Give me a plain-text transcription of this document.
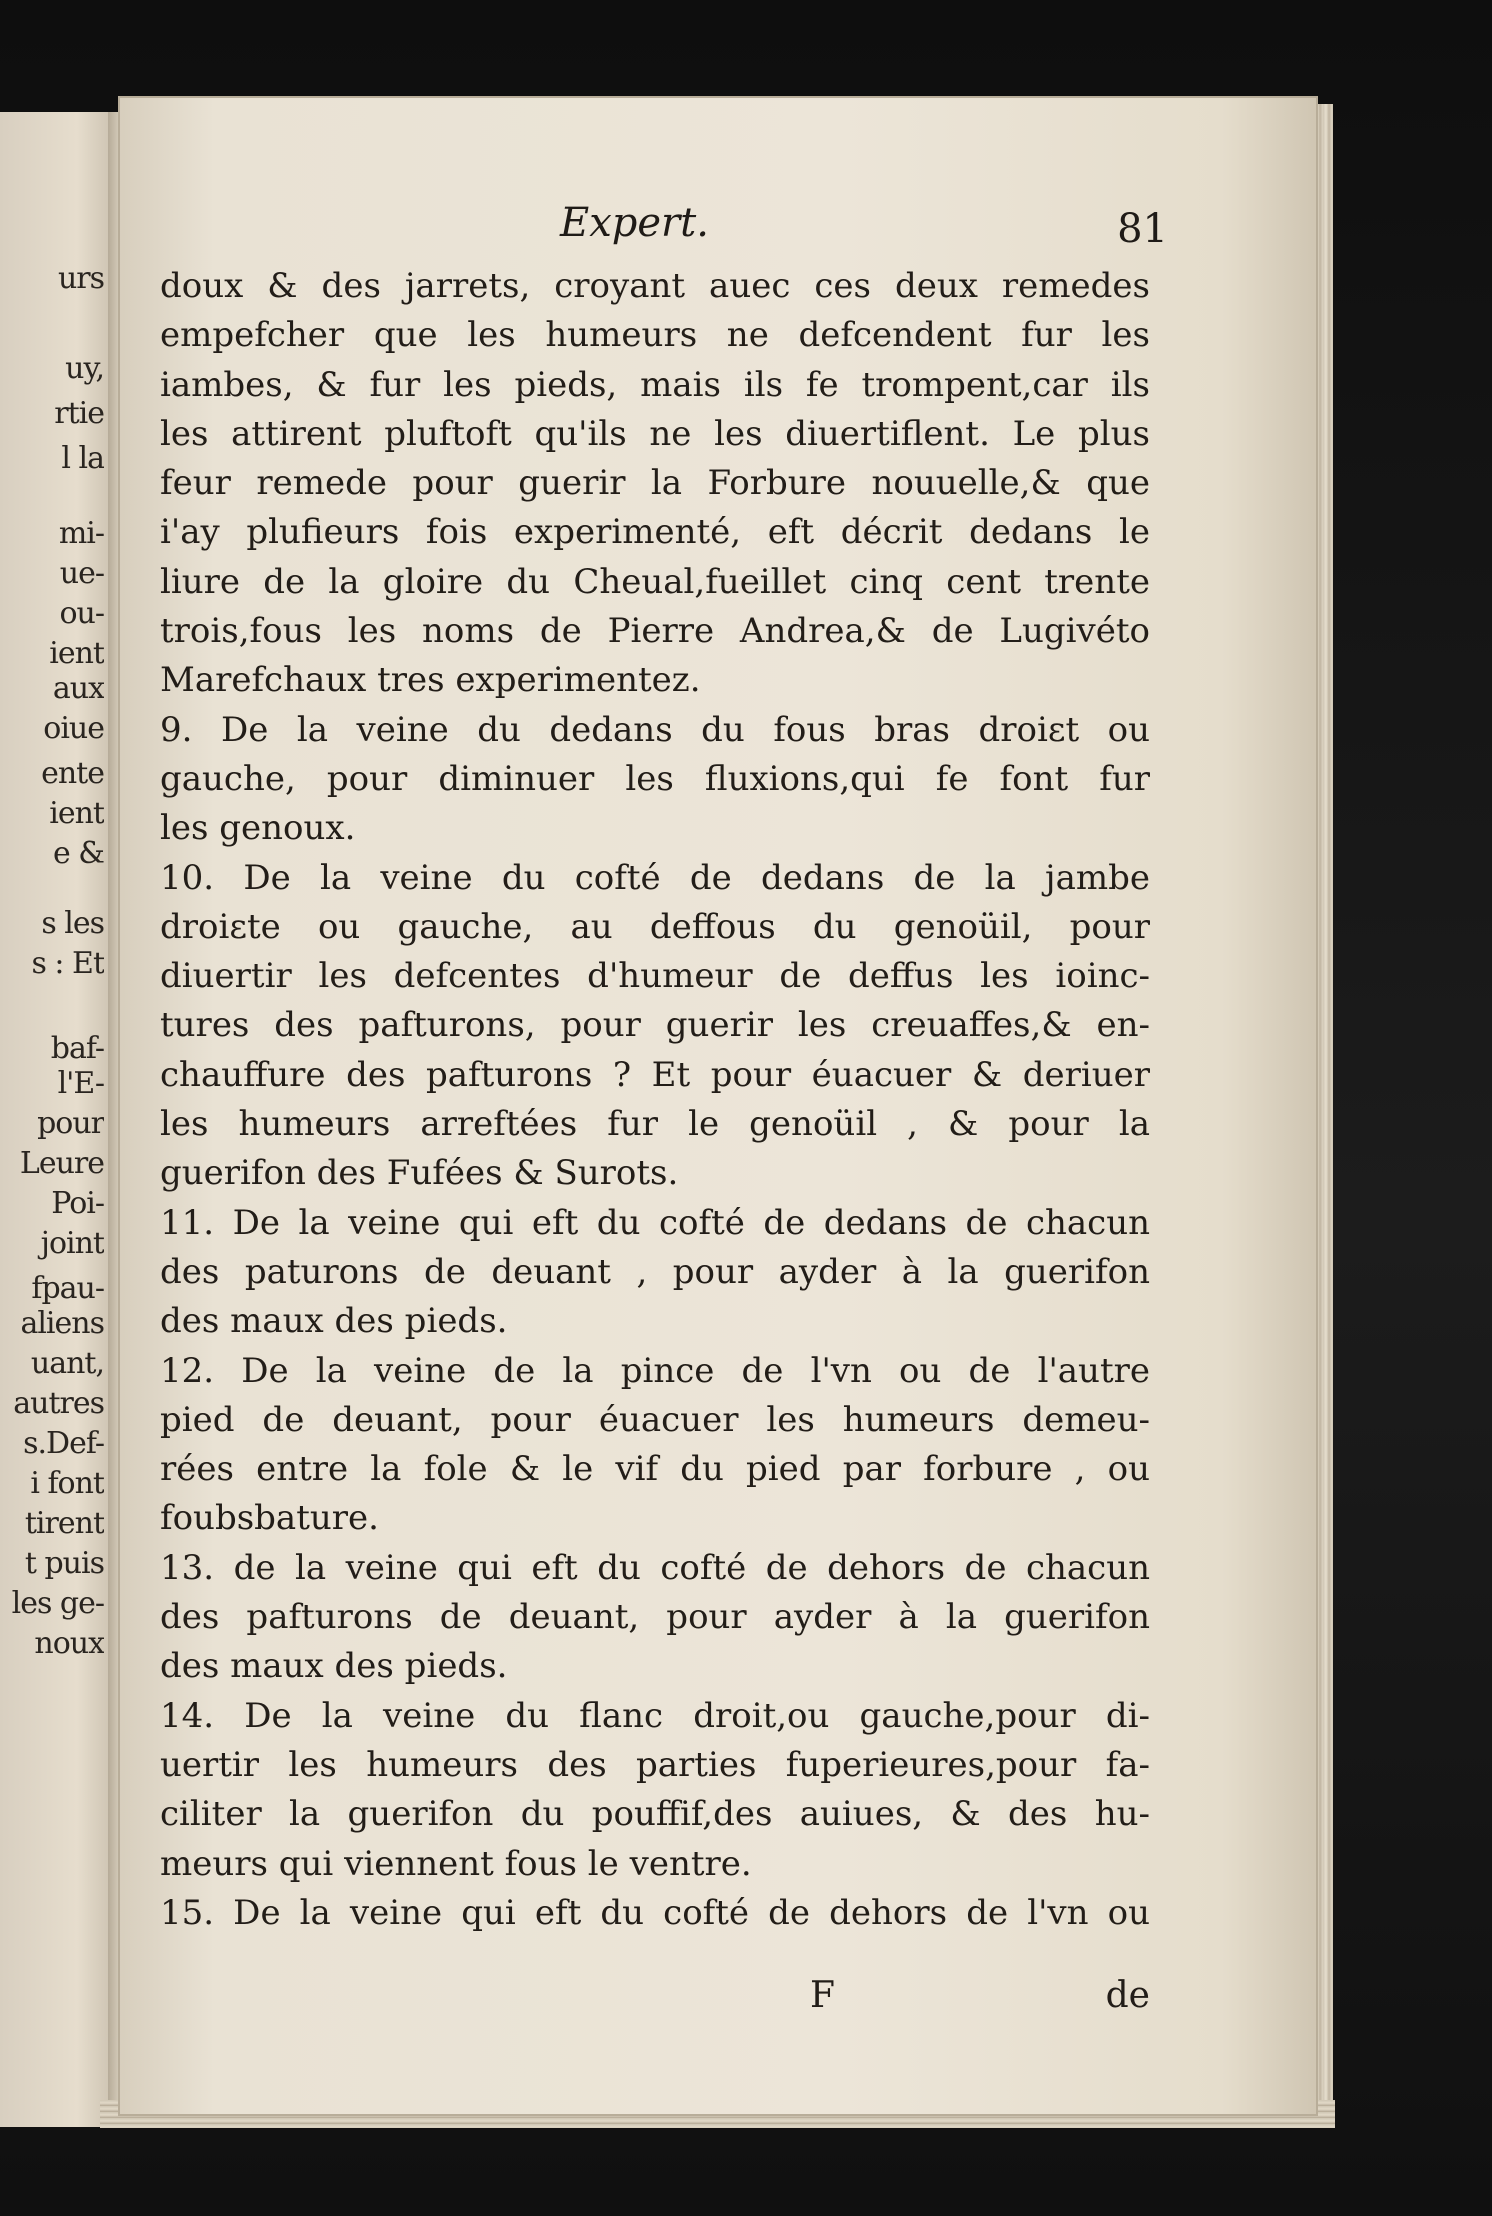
urs
uy,
rtie
l la
mi-
ue-
ou-
ient
aux
oiue
ente
ient
e &
s les
s : Et
baf-
l'E-
pour
Leure
Poi-
joint
fpau-
aliens
uant,
autres
s.Def-
i font
tirent
t puis
les ge-
noux
Expert.	81
doux & des jarrets, croyant auec ces deux remedes
empefcher que les humeurs ne defcendent fur les
iambes, & fur les pieds, mais ils fe trompent,car ils
les attirent pluftoft qu'ils ne les diuertiflent. Le plus
feur remede pour guerir la Forbure nouuelle,& que
i'ay plufieurs fois experimenté, eft décrit dedans le
liure de la gloire du Cheual,fueillet cinq cent trente
trois,fous les noms de Pierre Andrea,& de Lugivéto
Marefchaux tres experimentez.
9. De la veine du dedans du fous bras droiɛt ou
gauche, pour diminuer les fluxions,qui fe font fur
les genoux.
10. De la veine du cofté de dedans de la jambe
droiɛte ou gauche, au deffous du genoüil, pour
diuertir les defcentes d'humeur de deffus les ioinc-
tures des pafturons, pour guerir les creuaffes,& en-
chauffure des pafturons ? Et pour éuacuer & deriuer
les humeurs arreftées fur le genoüil , & pour la
guerifon des Fufées & Surots.
11. De la veine qui eft du cofté de dedans de chacun
des paturons de deuant , pour ayder à la guerifon
des maux des pieds.
12. De la veine de la pince de l'vn ou de l'autre
pied de deuant, pour éuacuer les humeurs demeu-
rées entre la fole & le vif du pied par forbure , ou
foubsbature.
13. de la veine qui eft du cofté de dehors de chacun
des pafturons de deuant, pour ayder à la guerifon
des maux des pieds.
14. De la veine du flanc droit,ou gauche,pour di-
uertir les humeurs des parties fuperieures,pour fa-
ciliter la guerifon du pouffif,des auiues, & des hu-
meurs qui viennent fous le ventre.
15. De la veine qui eft du cofté de dehors de l'vn ou
F	de
